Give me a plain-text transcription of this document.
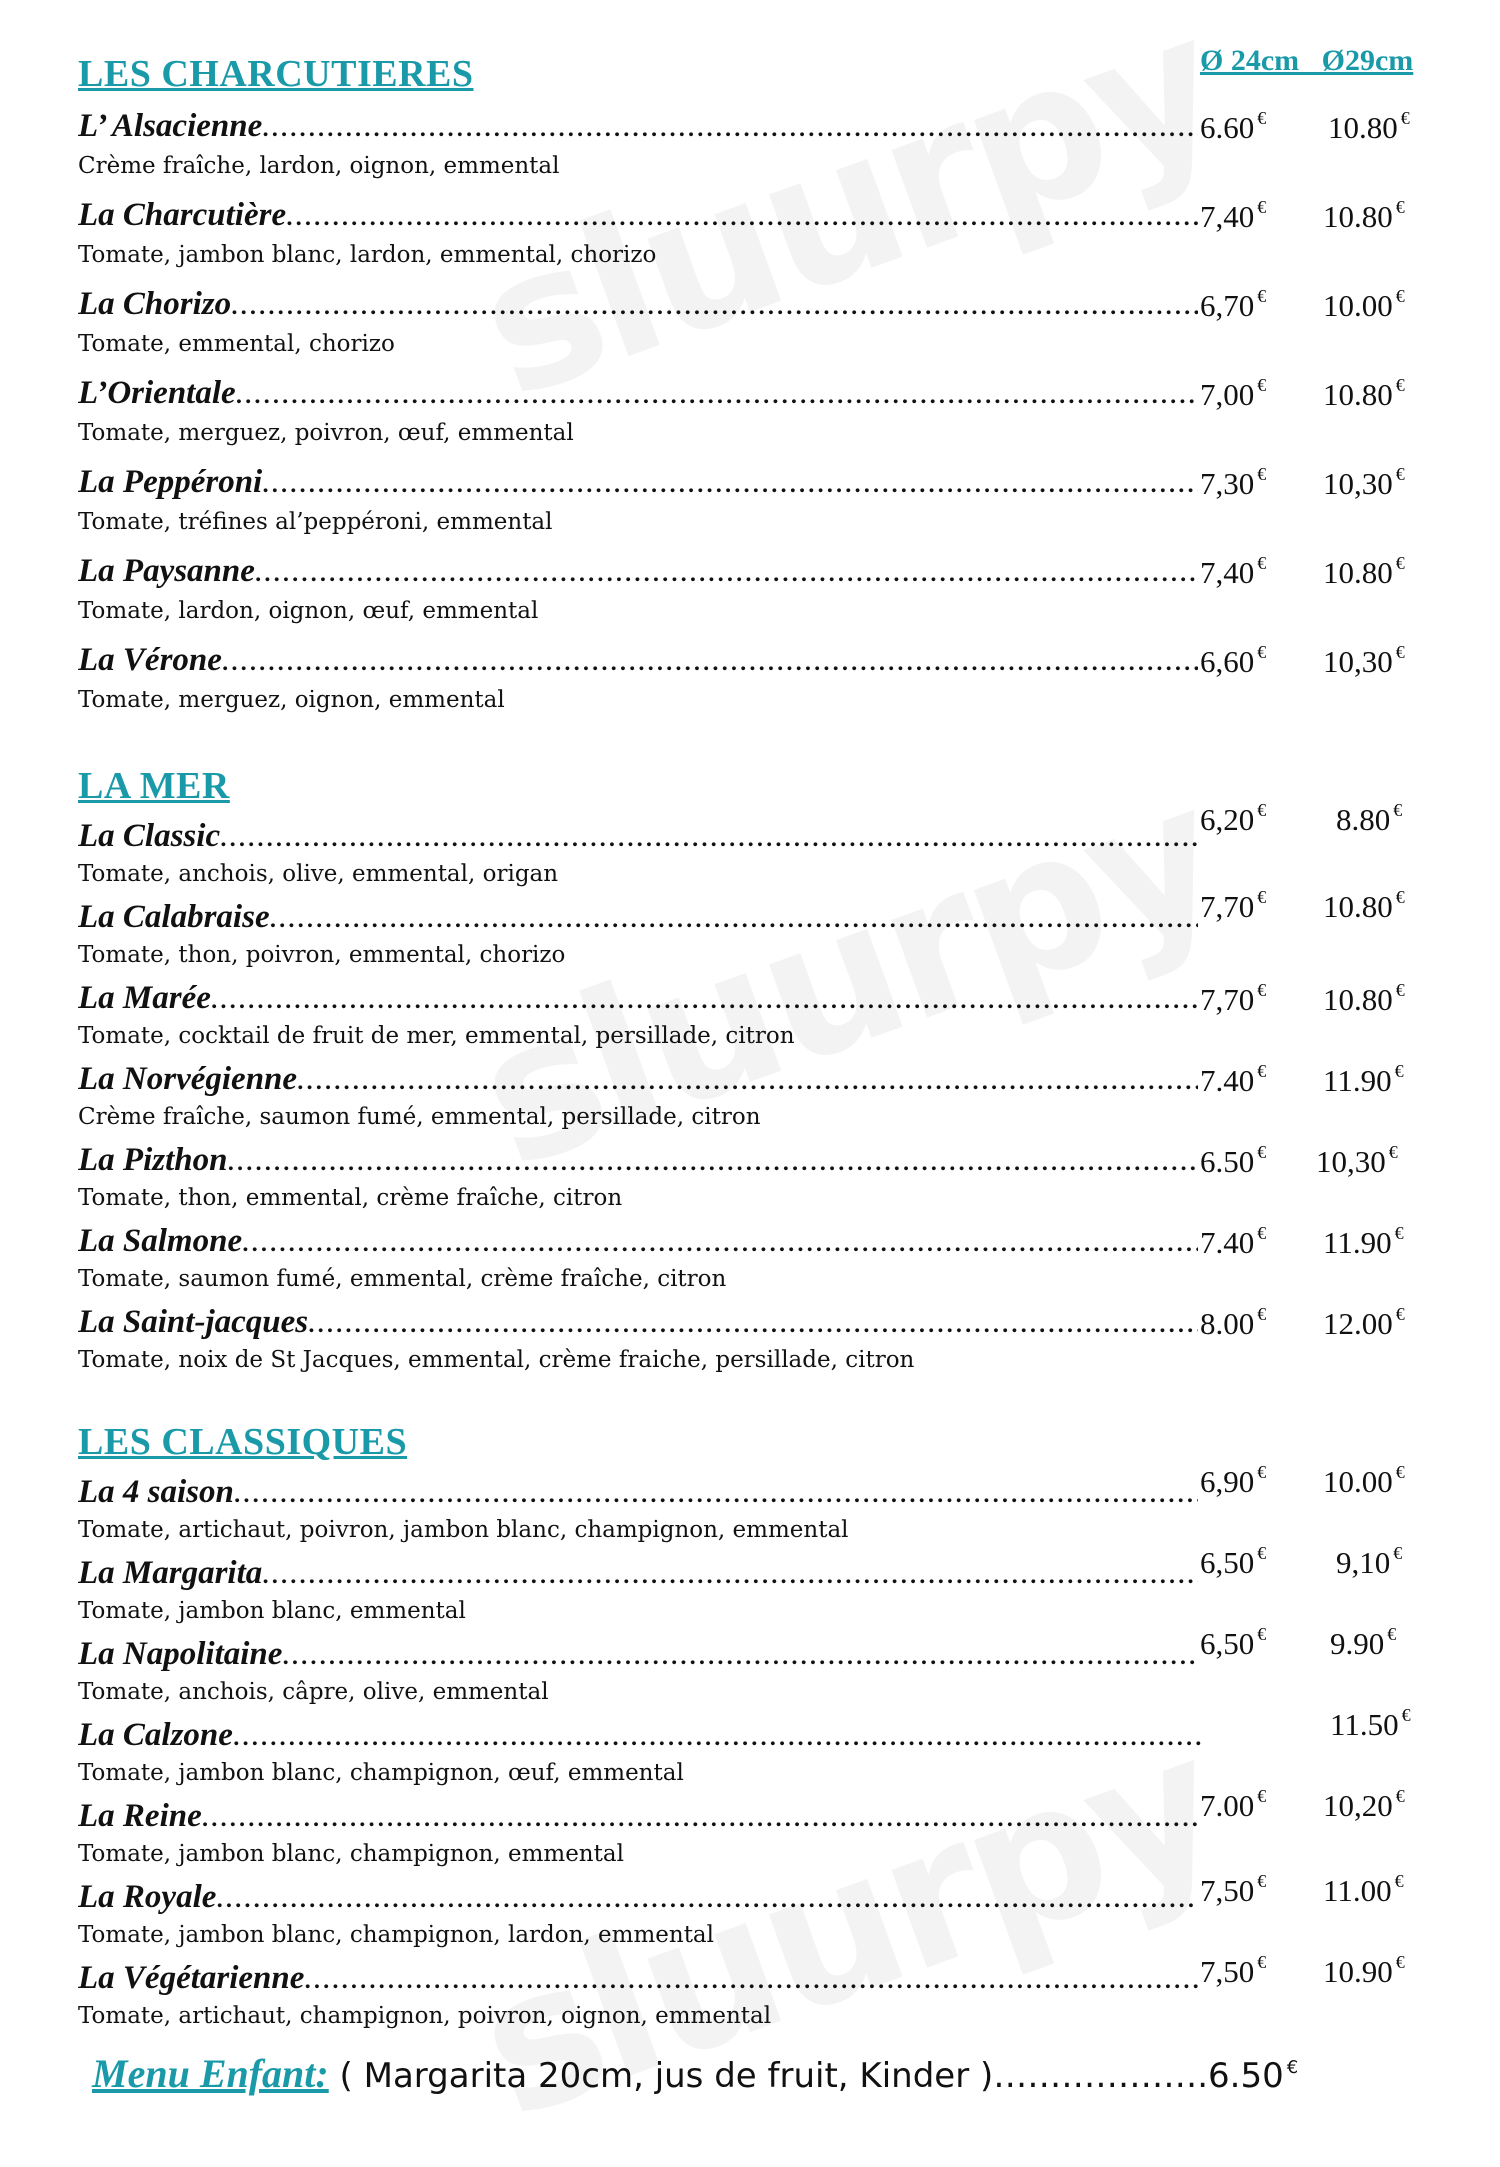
Ø 24cm   Ø29cm
LES CHARCUTIERES
L’ Alsacienne .....
Crème fraîche, lardon, oignon, emmental
6.60 € 10.80 €
La Charcutière .....
Tomate, jambon blanc, lardon, emmental, chorizo
7,40 € 10.80 €
La Chorizo .....
Tomate, emmental, chorizo
6,70 € 10.00 €
L’Orientale .....
Tomate, merguez, poivron, œuf, emmental
7,00 € 10.80 €
La Peppéroni .....
Tomate, tréfines al’peppéroni, emmental
7,30 € 10,30 €
La Paysanne .....
Tomate, lardon, oignon, œuf, emmental
7,40 € 10.80 €
La Vérone .....
Tomate, merguez, oignon, emmental
6,60 € 10,30 €
LA MER
La Classic .....
Tomate, anchois, olive, emmental, origan
6,20 € 8.80 €
La Calabraise .....
Tomate, thon, poivron, emmental, chorizo
7,70 € 10.80 €
La Marée .....
Tomate, cocktail de fruit de mer, emmental, persillade, citron
7,70 € 10.80 €
La Norvégienne .....
Crème fraîche, saumon fumé, emmental, persillade, citron
7.40 € 11.90 €
La Pizthon .....
Tomate, thon, emmental, crème fraîche, citron
6.50 € 10,30 €
La Salmone .....
Tomate, saumon fumé, emmental, crème fraîche, citron
7.40 € 11.90 €
La Saint-jacques .....
Tomate, noix de St Jacques, emmental, crème fraiche, persillade, citron
8.00 € 12.00 €
LES CLASSIQUES
La 4 saison .....
Tomate, artichaut, poivron, jambon blanc, champignon, emmental
6,90 € 10.00 €
La Margarita .....
Tomate, jambon blanc, emmental
6,50 € 9,10 €
La Napolitaine .....
Tomate, anchois, câpre, olive, emmental
6,50 € 9.90 €
La Calzone .....
Tomate, jambon blanc, champignon, œuf, emmental
11.50 €
La Reine .....
Tomate, jambon blanc, champignon, emmental
7.00 € 10,20 €
La Royale .....
Tomate, jambon blanc, champignon, lardon, emmental
7,50 € 11.00 €
La Végétarienne .....
Tomate, artichaut, champignon, poivron, oignon, emmental
7,50 € 10.90 €
Menu Enfant: ( Margarita 20cm, jus de fruit, Kinder )……………….6.50 €
